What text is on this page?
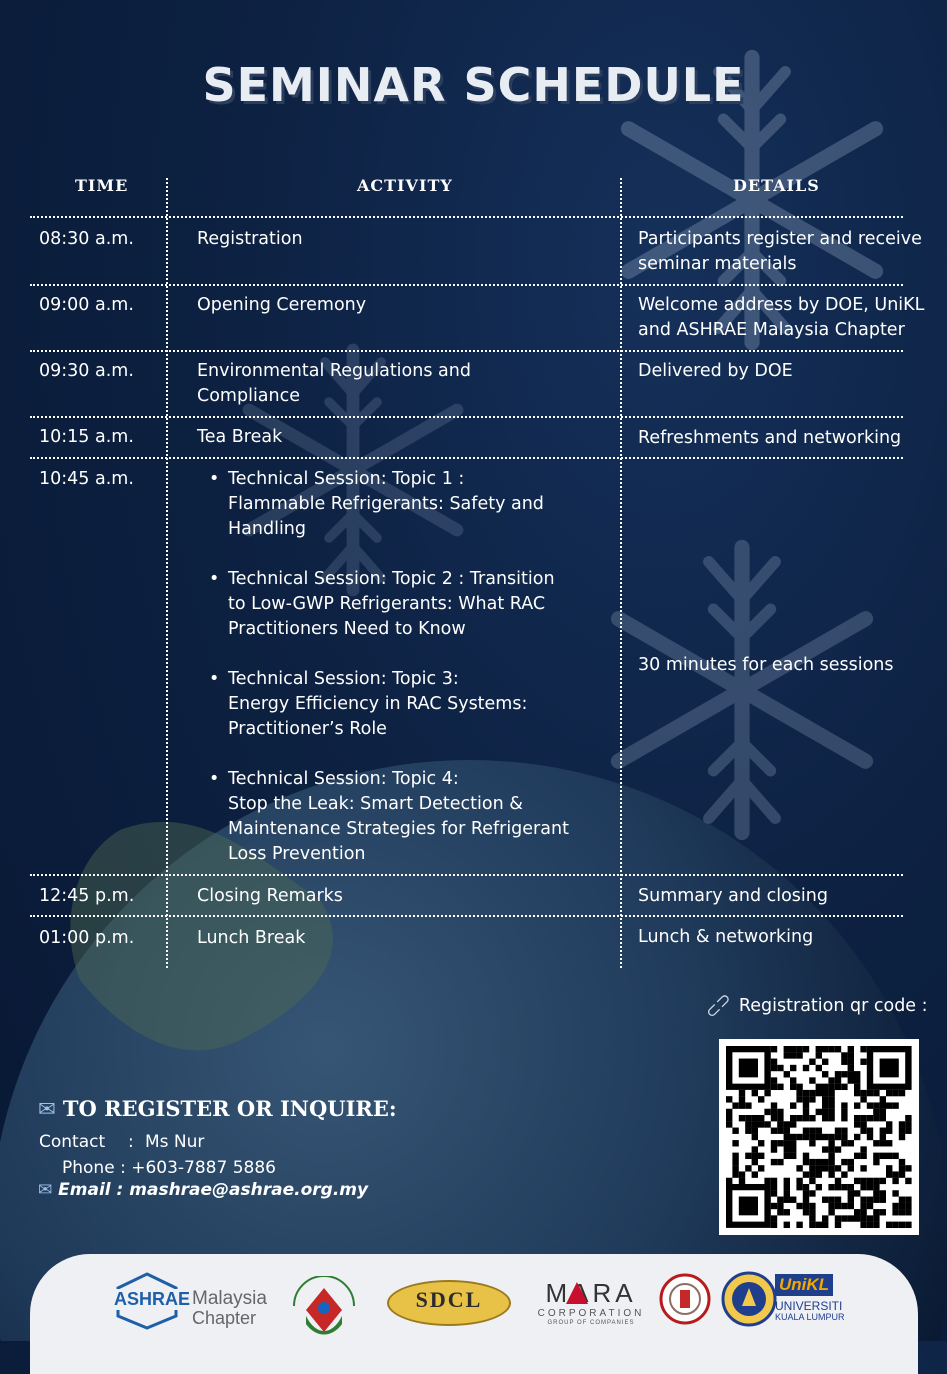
SEMINAR SCHEDULE
TIME	ACTIVITY	DETAILS
08:30 a.m.	Registration	Participants register and receive seminar materials
09:00 a.m.	Opening Ceremony	Welcome address by DOE, UniKL and ASHRAE Malaysia Chapter
09:30 a.m.	Environmental Regulations and Compliance
Delivered by DOE
10:15 a.m.	Tea Break	Refreshments and networking
10:45 a.m.
•	Technical Session: Topic 1 :
Flammable Refrigerants: Safety and Handling
• Technical Session: Topic 2 : Transition to Low-GWP Refrigerants: What RAC Practitioners Need to Know
• Technical Session: Topic 3:
Energy Efficiency in RAC Systems: Practitioner’s Role
• Technical Session: Topic 4:
Stop the Leak: Smart Detection & Maintenance Strategies for Refrigerant Loss Prevention
30 minutes for each sessions
12:45 p.m.	Closing Remarks	Summary and closing
01:00 p.m.	Lunch Break	Lunch & networking
⊂⊃ Registration qr code :
✉ TO REGISTER OR INQUIRE:
Contact : Ms Nur
Phone : +603-7887 5886
✉ Email : mashrae@ashrae.org.my
ASHRAE Malaysia
Chapter
SDCL	MARA
CORPORATION
GROUP OF COMPANIES
UniKL
UNIVERSITI
KUALA LUMPUR
